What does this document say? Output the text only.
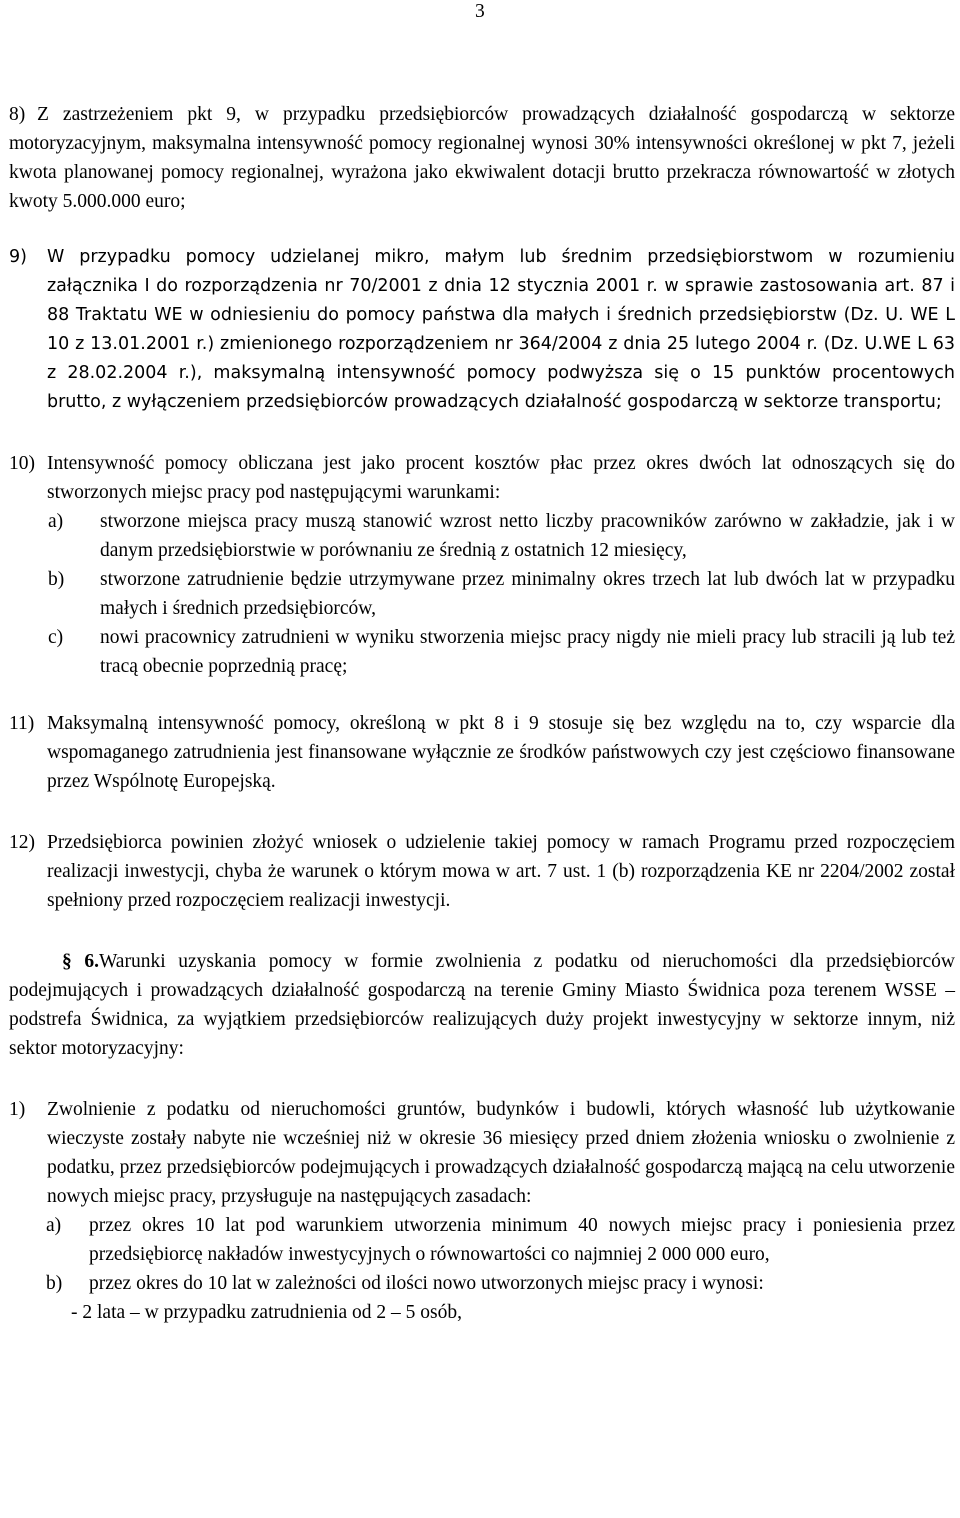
3
8) Z zastrzeżeniem pkt 9, w przypadku przedsiębiorców prowadzących działalność gospodarczą w sektorze motoryzacyjnym, maksymalna intensywność pomocy regionalnej wynosi 30% intensywności określonej w pkt 7, jeżeli kwota planowanej pomocy regionalnej, wyrażona jako ekwiwalent dotacji brutto przekracza równowartość w złotych kwoty 5.000.000 euro;
9)	W przypadku pomocy udzielanej mikro, małym lub średnim przedsiębiorstwom w rozumieniu załącznika I do rozporządzenia nr 70/2001 z dnia 12 stycznia 2001 r. w sprawie zastosowania art. 87 i 88 Traktatu WE w odniesieniu do pomocy państwa dla małych i średnich przedsiębiorstw (Dz. U. WE L 10 z 13.01.2001 r.) zmienionego rozporządzeniem nr 364/2004 z dnia 25 lutego 2004 r. (Dz. U.WE L 63 z 28.02.2004 r.), maksymalną intensywność pomocy podwyższa się o 15 punktów procentowych brutto, z wyłączeniem przedsiębiorców prowadzących działalność gospodarczą w sektorze transportu;
10) Intensywność pomocy obliczana jest jako procent kosztów płac przez okres dwóch lat odnoszących się do stworzonych miejsc pracy pod następującymi warunkami:
a) stworzone miejsca pracy muszą stanowić wzrost netto liczby pracowników zarówno w zakładzie, jak i w danym przedsiębiorstwie w porównaniu ze średnią z ostatnich 12 miesięcy,
b) stworzone zatrudnienie będzie utrzymywane przez minimalny okres trzech lat lub dwóch lat w przypadku małych i średnich przedsiębiorców,
c) nowi pracownicy zatrudnieni w wyniku stworzenia miejsc pracy nigdy nie mieli pracy lub stracili ją lub też tracą obecnie poprzednią pracę;
11) Maksymalną intensywność pomocy, określoną w pkt 8 i 9 stosuje się bez względu na to, czy wsparcie dla wspomaganego zatrudnienia jest finansowane wyłącznie ze środków państwowych czy jest częściowo finansowane przez Wspólnotę Europejską.
12) Przedsiębiorca powinien złożyć wniosek o udzielenie takiej pomocy w ramach Programu przed rozpoczęciem realizacji inwestycji, chyba że warunek o którym mowa w art. 7 ust. 1 (b) rozporządzenia KE nr 2204/2002 został spełniony przed rozpoczęciem realizacji inwestycji.
§ 6.Warunki uzyskania pomocy w formie zwolnienia z podatku od nieruchomości dla przedsiębiorców podejmujących i prowadzących działalność gospodarczą na terenie Gminy Miasto Świdnica poza terenem WSSE – podstrefa Świdnica, za wyjątkiem przedsiębiorców realizujących duży projekt inwestycyjny w sektorze innym, niż sektor motoryzacyjny:
1)	Zwolnienie z podatku od nieruchomości gruntów, budynków i budowli, których własność lub użytkowanie wieczyste zostały nabyte nie wcześniej niż w okresie 36 miesięcy przed dniem złożenia wniosku o zwolnienie z podatku, przez przedsiębiorców podejmujących i prowadzących działalność gospodarczą mającą na celu utworzenie nowych miejsc pracy, przysługuje na następujących zasadach:
a) przez okres 10 lat pod warunkiem utworzenia minimum 40 nowych miejsc pracy i poniesienia przez przedsiębiorcę nakładów inwestycyjnych o równowartości co najmniej 2 000 000 euro,
b) przez okres do 10 lat w zależności od ilości nowo utworzonych miejsc pracy i wynosi:
- 2 lata – w przypadku zatrudnienia od 2 – 5 osób,
